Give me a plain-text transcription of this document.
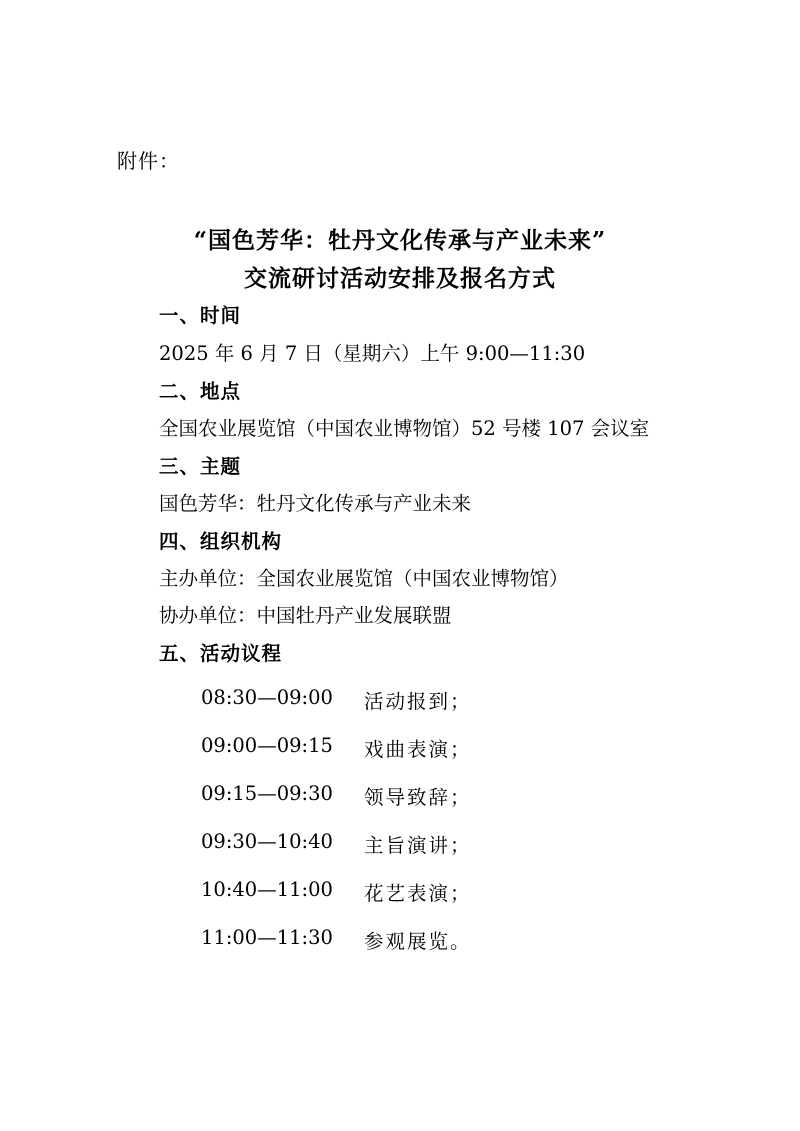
附件：
“国色芳华：牡丹文化传承与产业未来”
交流研讨活动安排及报名方式
一、时间
2025 年 6 月 7 日（星期六）上午 9:00—11:30
二、地点
全国农业展览馆（中国农业博物馆）52 号楼 107 会议室
三、主题
国色芳华：牡丹文化传承与产业未来
四、组织机构
主办单位：全国农业展览馆（中国农业博物馆）
协办单位：中国牡丹产业发展联盟
五、活动议程
08:30—09:00 活动报到；
09:00—09:15 戏曲表演；
09:15—09:30 领导致辞；
09:30—10:40 主旨演讲；
10:40—11:00 花艺表演；
11:00—11:30 参观展览。
